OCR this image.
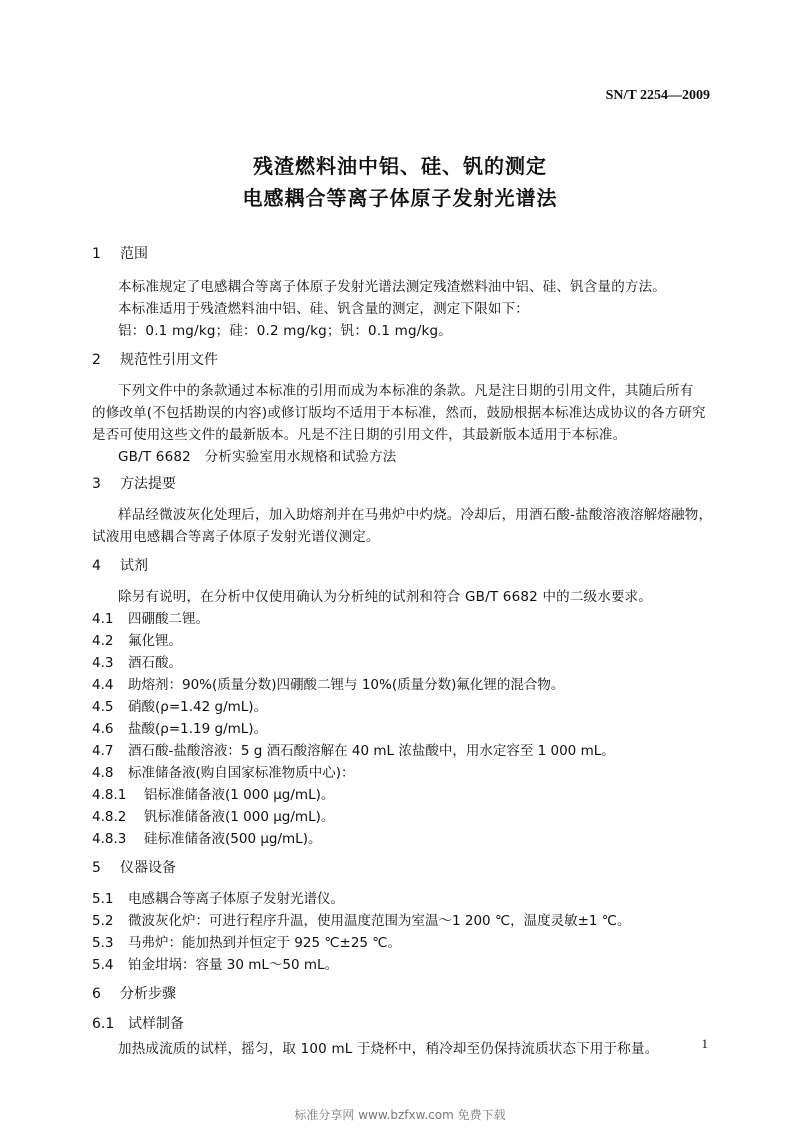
SN/T 2254—2009
残渣燃料油中铝、硅、钒的测定
电感耦合等离子体原子发射光谱法
1 范围
本标准规定了电感耦合等离子体原子发射光谱法测定残渣燃料油中铝、硅、钒含量的方法。
本标准适用于残渣燃料油中铝、硅、钒含量的测定，测定下限如下：
铝：0.1 mg/kg；硅：0.2 mg/kg；钒：0.1 mg/kg。
2 规范性引用文件
下列文件中的条款通过本标准的引用而成为本标准的条款。凡是注日期的引用文件，其随后所有
的修改单(不包括勘误的内容)或修订版均不适用于本标准，然而，鼓励根据本标准达成协议的各方研究
是否可使用这些文件的最新版本。凡是不注日期的引用文件，其最新版本适用于本标准。
GB/T 6682　分析实验室用水规格和试验方法
3 方法提要
样品经微波灰化处理后，加入助熔剂并在马弗炉中灼烧。冷却后，用酒石酸-盐酸溶液溶解熔融物，
试液用电感耦合等离子体原子发射光谱仪测定。
4 试剂
除另有说明，在分析中仅使用确认为分析纯的试剂和符合 GB/T 6682 中的二级水要求。
4.1 四硼酸二锂。
4.2 氟化锂。
4.3 酒石酸。
4.4 助熔剂：90%(质量分数)四硼酸二锂与 10%(质量分数)氟化锂的混合物。
4.5 硝酸(ρ=1.42 g/mL)。
4.6 盐酸(ρ=1.19 g/mL)。
4.7 酒石酸-盐酸溶液：5 g 酒石酸溶解在 40 mL 浓盐酸中，用水定容至 1 000 mL。
4.8 标准储备液(购自国家标准物质中心)：
4.8.1 铝标准储备液(1 000 μg/mL)。
4.8.2 钒标准储备液(1 000 μg/mL)。
4.8.3 硅标准储备液(500 μg/mL)。
5 仪器设备
5.1 电感耦合等离子体原子发射光谱仪。
5.2 微波灰化炉：可进行程序升温，使用温度范围为室温～1 200 ℃，温度灵敏±1 ℃。
5.3 马弗炉：能加热到并恒定于 925 ℃±25 ℃。
5.4 铂金坩埚：容量 30 mL～50 mL。
6 分析步骤
6.1 试样制备
加热成流质的试样，摇匀，取 100 mL 于烧杯中，稍冷却至仍保持流质状态下用于称量。	1
标准分享网 www.bzfxw.com 免费下载
